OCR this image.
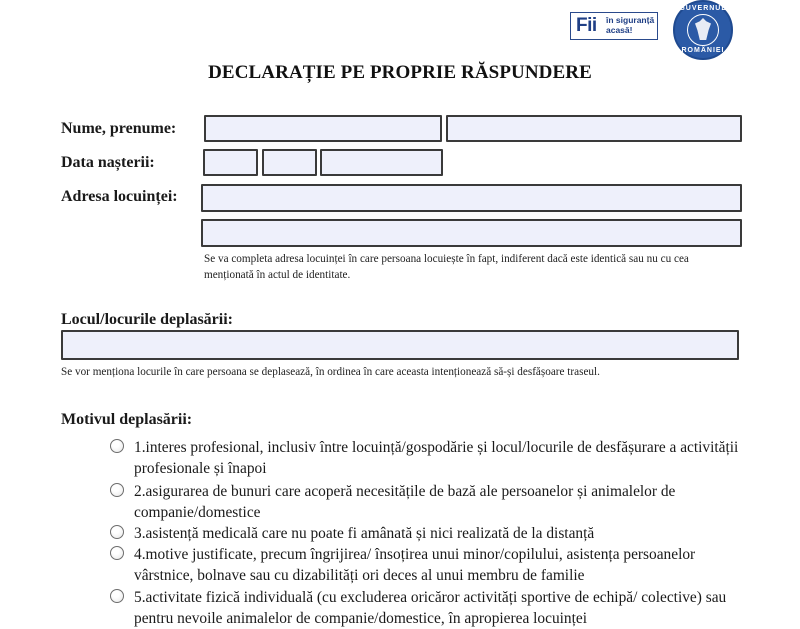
Fii în siguranță
acasă!
GUVERNUL
ROMÂNIEI
DECLARAȚIE PE PROPRIE RĂSPUNDERE
Nume, prenume:
Data nașterii:
Adresa locuinței:
Se va completa adresa locuinței în care persoana locuiește în fapt, indiferent dacă este identică sau nu cu cea menționată în actul de identitate.
Locul/locurile deplasării:
Se vor menționa locurile în care persoana se deplasează, în ordinea în care aceasta intenționează să-și desfășoare traseul.
Motivul deplasării:
1.interes profesional, inclusiv între locuință/gospodărie și locul/locurile de desfășurare a activității profesionale și înapoi
2.asigurarea de bunuri care acoperă necesitățile de bază ale persoanelor și animalelor de companie/domestice
3.asistență medicală care nu poate fi amânată și nici realizată de la distanță
4.motive justificate, precum îngrijirea/ însoțirea unui minor/copilului, asistența persoanelor vârstnice, bolnave sau cu dizabilități ori deces al unui membru de familie
5.activitate fizică individuală (cu excluderea oricăror activități sportive de echipă/ colective) sau pentru nevoile animalelor de companie/domestice, în apropierea locuinței
